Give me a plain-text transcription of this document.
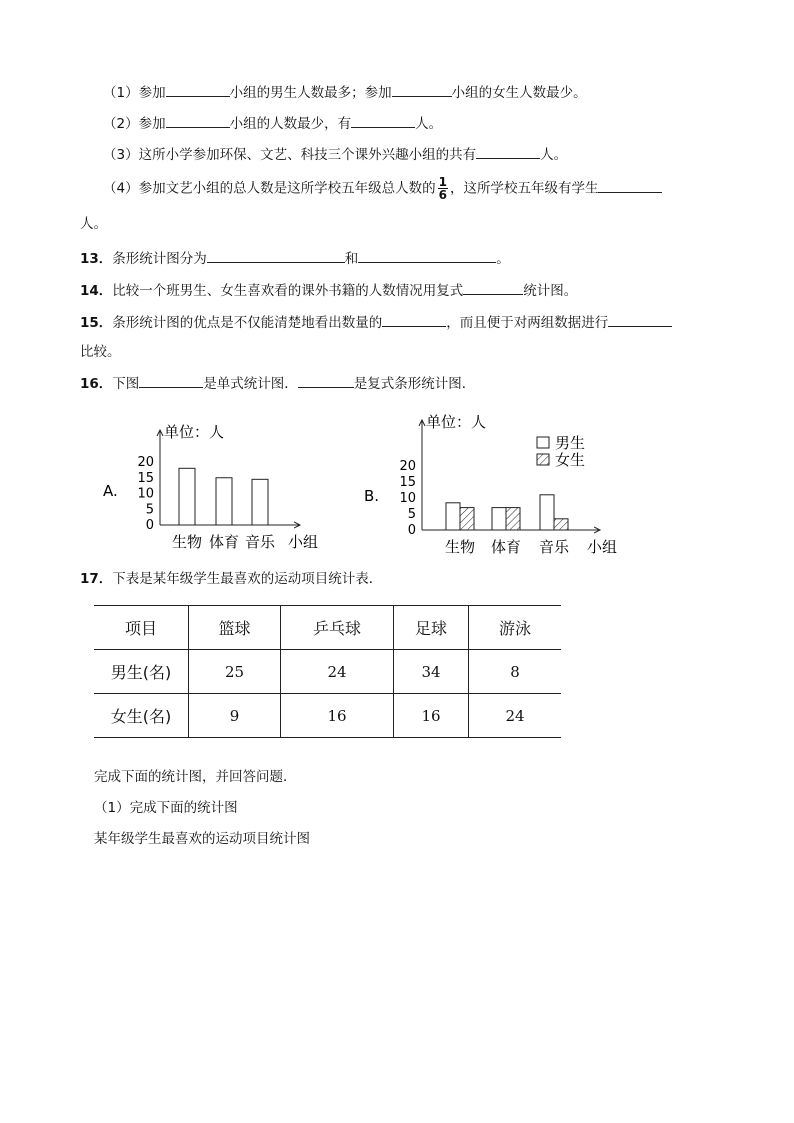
（1）参加	小组的男生人数最多；参加	小组的女生人数最少。
（2）参加	小组的人数最少，有	人。
（3）这所小学参加环保、文艺、科技三个课外兴趣小组的共有	人。
（4）参加文艺小组的总人数是这所学校五年级总人数的 $\frac{1}{6}$ ，这所学校五年级有学生
人。
13．条形统计图分为	和	。
14．比较一个班男生、女生喜欢看的课外书籍的人数情况用复式	统计图。
15．条形统计图的优点是不仅能清楚地看出数量的	，而且便于对两组数据进行
比较。
16．下图	是单式统计图．	是复式条形统计图．
A.
单位：人
0
5
10
15
20
小组
生物 体育 音乐
B.
单位：人
0
5
10
15
20
小组
生物 体育 音乐
男生
女生
17．下表是某年级学生最喜欢的运动项目统计表．
项目	篮球	乒乓球	足球	游泳
男生(名)	25	24	34	8
女生(名)	9	16	16	24
完成下面的统计图，并回答问题．
（1）完成下面的统计图
某年级学生最喜欢的运动项目统计图
